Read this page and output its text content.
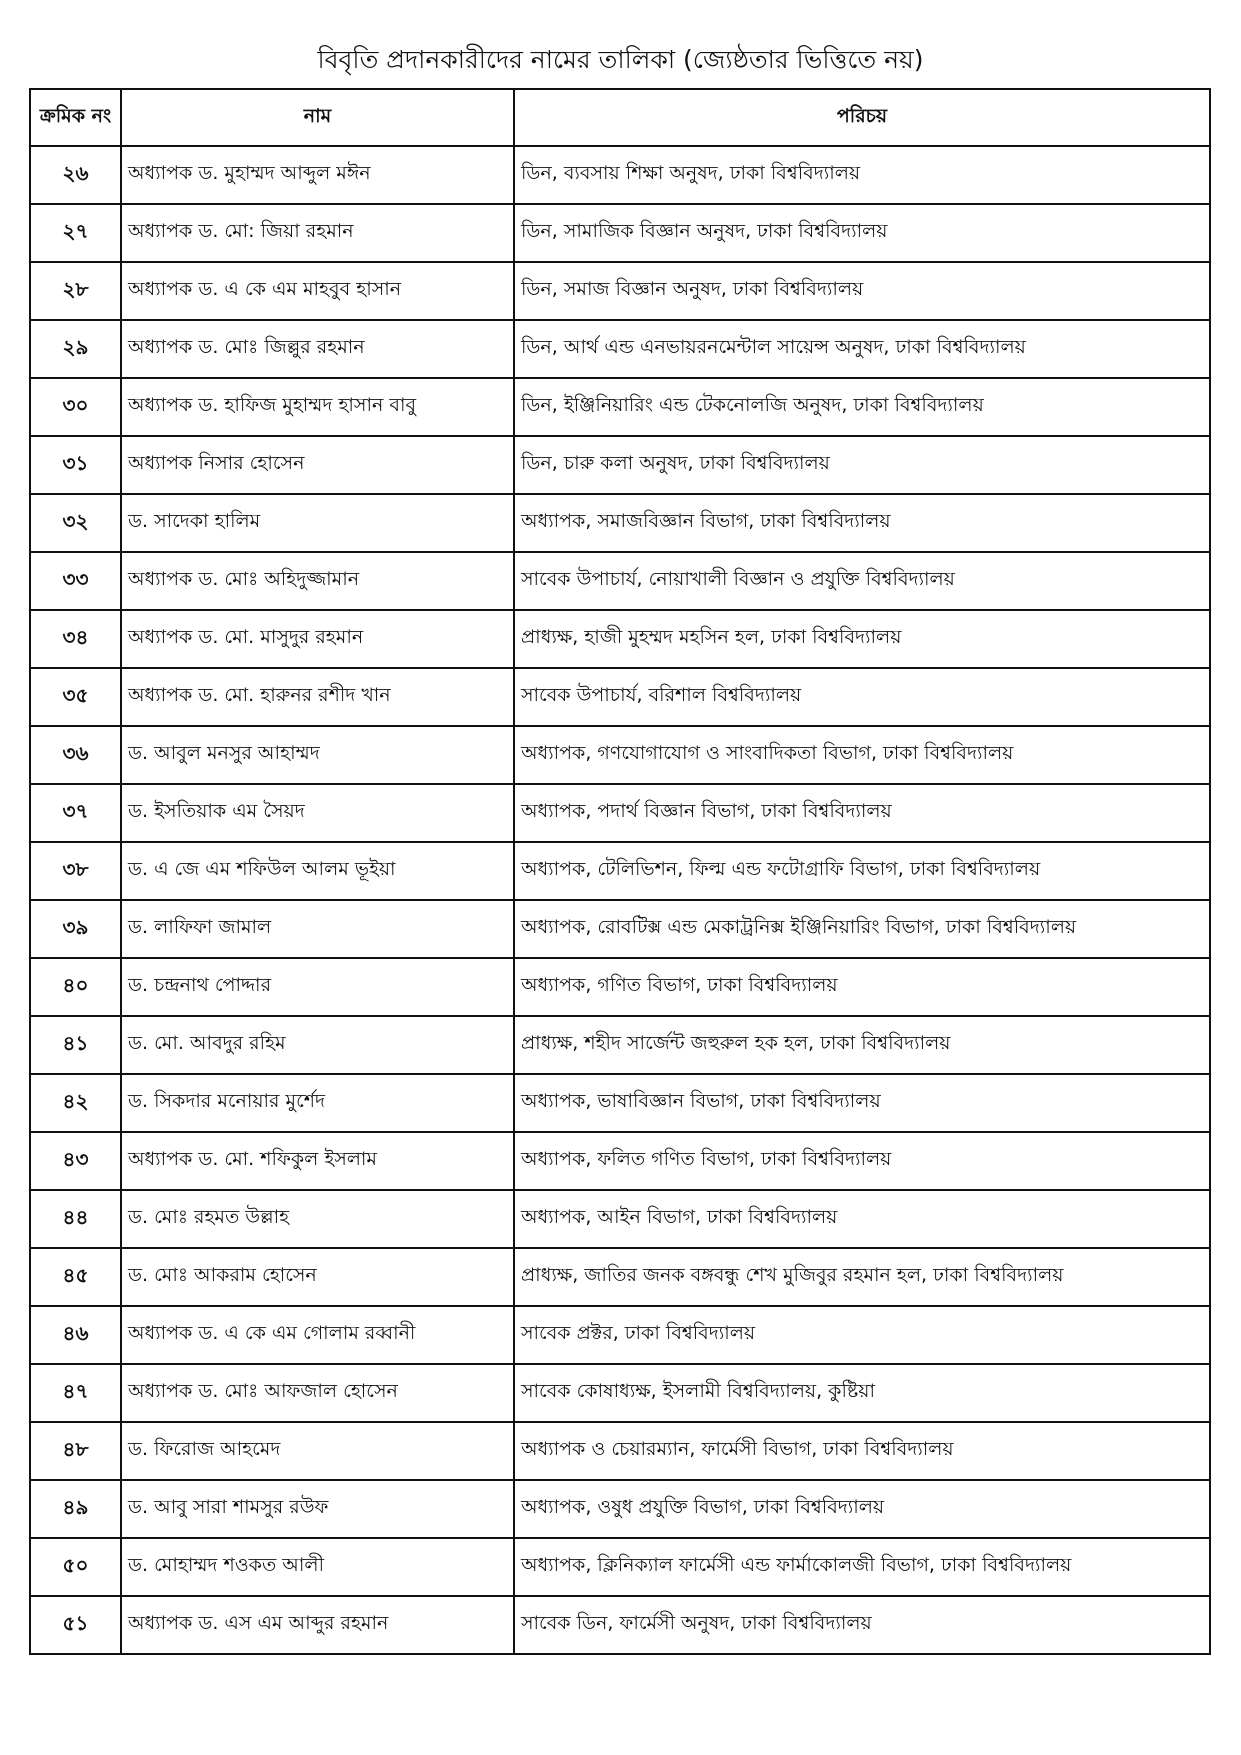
বিবৃতি প্রদানকারীদের নামের তালিকা (জ্যেষ্ঠতার ভিত্তিতে নয়)
ক্রমিক নং	নাম	পরিচয়
২৬	অধ্যাপক ড. মুহাম্মদ আব্দুল মঈন	ডিন, ব্যবসায় শিক্ষা অনুষদ, ঢাকা বিশ্ববিদ্যালয়
২৭	অধ্যাপক ড. মো: জিয়া রহমান	ডিন, সামাজিক বিজ্ঞান অনুষদ, ঢাকা বিশ্ববিদ্যালয়
২৮	অধ্যাপক ড. এ কে এম মাহবুব হাসান	ডিন, সমাজ বিজ্ঞান অনুষদ, ঢাকা বিশ্ববিদ্যালয়
২৯	অধ্যাপক ড. মোঃ জিল্লুর রহমান	ডিন, আর্থ এন্ড এনভায়রনমেন্টাল সায়েন্স অনুষদ, ঢাকা বিশ্ববিদ্যালয়
৩০	অধ্যাপক ড. হাফিজ মুহাম্মদ হাসান বাবু	ডিন, ইঞ্জিনিয়ারিং এন্ড টেকনোলজি অনুষদ, ঢাকা বিশ্ববিদ্যালয়
৩১	অধ্যাপক নিসার হোসেন	ডিন, চারু কলা অনুষদ, ঢাকা বিশ্ববিদ্যালয়
৩২	ড. সাদেকা হালিম	অধ্যাপক, সমাজবিজ্ঞান বিভাগ, ঢাকা বিশ্ববিদ্যালয়
৩৩	অধ্যাপক ড. মোঃ অহিদুজ্জামান	সাবেক উপাচার্য, নোয়াখালী বিজ্ঞান ও প্রযুক্তি বিশ্ববিদ্যালয়
৩৪	অধ্যাপক ড. মো. মাসুদুর রহমান	প্রাধ্যক্ষ, হাজী মুহম্মদ মহসিন হল, ঢাকা বিশ্ববিদ্যালয়
৩৫	অধ্যাপক ড. মো. হারুনর রশীদ খান	সাবেক উপাচার্য, বরিশাল বিশ্ববিদ্যালয়
৩৬	ড. আবুল মনসুর আহাম্মদ	অধ্যাপক, গণযোগাযোগ ও সাংবাদিকতা বিভাগ, ঢাকা বিশ্ববিদ্যালয়
৩৭	ড. ইসতিয়াক এম সৈয়দ	অধ্যাপক, পদার্থ বিজ্ঞান বিভাগ, ঢাকা বিশ্ববিদ্যালয়
৩৮	ড. এ জে এম শফিউল আলম ভূইয়া	অধ্যাপক, টেলিভিশন, ফিল্ম এন্ড ফটোগ্রাফি বিভাগ, ঢাকা বিশ্ববিদ্যালয়
৩৯	ড. লাফিফা জামাল	অধ্যাপক, রোবটিক্স এন্ড মেকাট্রনিক্স ইঞ্জিনিয়ারিং বিভাগ, ঢাকা বিশ্ববিদ্যালয়
৪০	ড. চন্দ্রনাথ পোদ্দার	অধ্যাপক, গণিত বিভাগ, ঢাকা বিশ্ববিদ্যালয়
৪১	ড. মো. আবদুর রহিম	প্রাধ্যক্ষ, শহীদ সার্জেন্ট জহুরুল হক হল, ঢাকা বিশ্ববিদ্যালয়
৪২	ড. সিকদার মনোয়ার মুর্শেদ	অধ্যাপক, ভাষাবিজ্ঞান বিভাগ, ঢাকা বিশ্ববিদ্যালয়
৪৩	অধ্যাপক ড. মো. শফিকুল ইসলাম	অধ্যাপক, ফলিত গণিত বিভাগ, ঢাকা বিশ্ববিদ্যালয়
৪৪	ড. মোঃ রহমত উল্লাহ	অধ্যাপক, আইন বিভাগ, ঢাকা বিশ্ববিদ্যালয়
৪৫	ড. মোঃ আকরাম হোসেন	প্রাধ্যক্ষ, জাতির জনক বঙ্গবন্ধু শেখ মুজিবুর রহমান হল, ঢাকা বিশ্ববিদ্যালয়
৪৬	অধ্যাপক ড. এ কে এম গোলাম রব্বানী	সাবেক প্রক্টর, ঢাকা বিশ্ববিদ্যালয়
৪৭	অধ্যাপক ড. মোঃ আফজাল হোসেন	সাবেক কোষাধ্যক্ষ, ইসলামী বিশ্ববিদ্যালয়, কুষ্টিয়া
৪৮	ড. ফিরোজ আহমেদ	অধ্যাপক ও চেয়ারম্যান, ফার্মেসী বিভাগ, ঢাকা বিশ্ববিদ্যালয়
৪৯	ড. আবু সারা শামসুর রউফ	অধ্যাপক, ওষুধ প্রযুক্তি বিভাগ, ঢাকা বিশ্ববিদ্যালয়
৫০	ড. মোহাম্মদ শওকত আলী	অধ্যাপক, ক্লিনিক্যাল ফার্মেসী এন্ড ফার্মাকোলজী বিভাগ, ঢাকা বিশ্ববিদ্যালয়
৫১	অধ্যাপক ড. এস এম আব্দুর রহমান	সাবেক ডিন, ফার্মেসী অনুষদ, ঢাকা বিশ্ববিদ্যালয়
